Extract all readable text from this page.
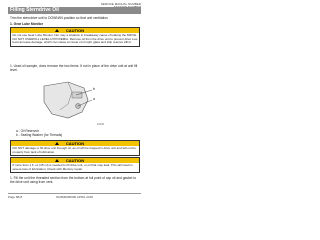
SERVICE MANUAL NUMBER
Filling Sterndrive Oil
Trim the sterndrive unit to DOWN/IN position so that unit ventilation
1. Gear Lube Monitor
CAUTION
Do not use Gear Lube Monitor. Not may a situation in breakaway cause of leaking the DRIVE. DO NOT OVERFILL LEVEL HYPOXEMIA. Remove oil from the drive unit to prevent drive Low level as leave damage, which can cause an issue of oil spill, glass and ship reserve effort.
1. Used oil sample, does remove the two items. If not in place of the drive unit at unit fill level.
a
b
12345
a - Oil Reservoir
b - Sealing Washer (for Threads)
CAUTION
DO NOT damage or fill drive unit through oil, as oil will be trapped in drive unit and will not be properly from lack of lubrication.
CAUTION
If more than 1 ft. oz (35 ml) is needed to fill drive unit, or oil that may leak. This will result in severe loss of lubrication. Check with Mercury repair.
1. Fill the unit the threaded section from the bottom at full point of cap oil and gasket to the drive unit using from vent.
Page 6B-8	90-8M0000000 APRIL 2018
